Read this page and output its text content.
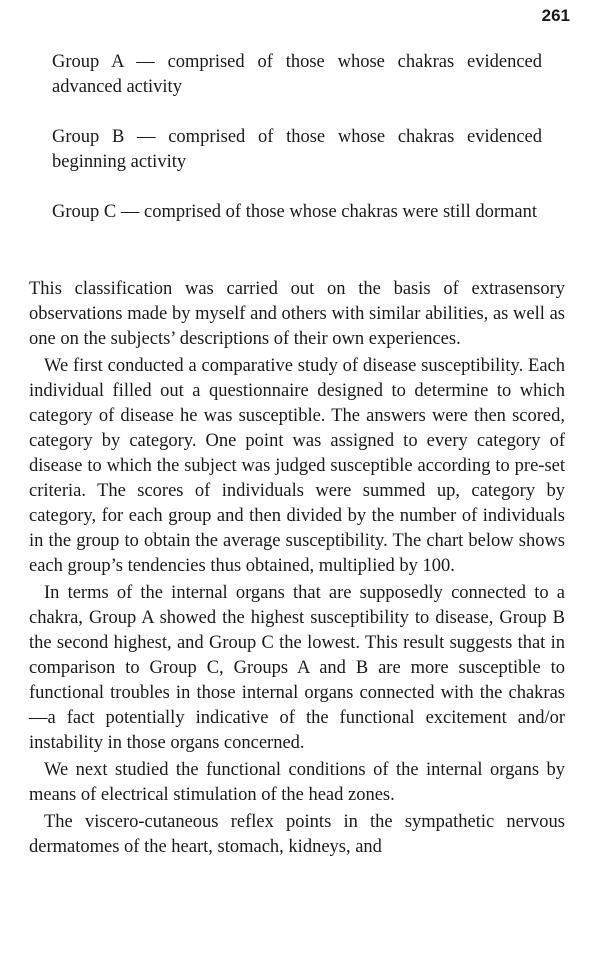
261

Group A — comprised of those whose chakras evidenced advanced activity

Group B — comprised of those whose chakras evidenced beginning activity

Group C — comprised of those whose chakras were still dormant

This classification was carried out on the basis of extrasensory observations made by myself and others with similar abilities, as well as one on the subjects’ descriptions of their own experiences.

We first conducted a comparative study of disease susceptibility. Each individual filled out a questionnaire designed to determine to which category of disease he was susceptible. The answers were then scored, category by category. One point was assigned to every category of disease to which the subject was judged susceptible according to pre-set criteria. The scores of individuals were summed up, category by category, for each group and then divided by the number of individuals in the group to obtain the average susceptibility. The chart below shows each group’s tendencies thus obtained, multiplied by 100.

In terms of the internal organs that are supposedly connected to a chakra, Group A showed the highest susceptibility to disease, Group B the second highest, and Group C the lowest. This result suggests that in comparison to Group C, Groups A and B are more susceptible to functional troubles in those internal organs connected with the chakras—a fact potentially indicative of the functional excitement and/or instability in those organs concerned.

We next studied the functional conditions of the internal organs by means of electrical stimulation of the head zones.

The viscero-cutaneous reflex points in the sympathetic nervous dermatomes of the heart, stomach, kidneys, and
